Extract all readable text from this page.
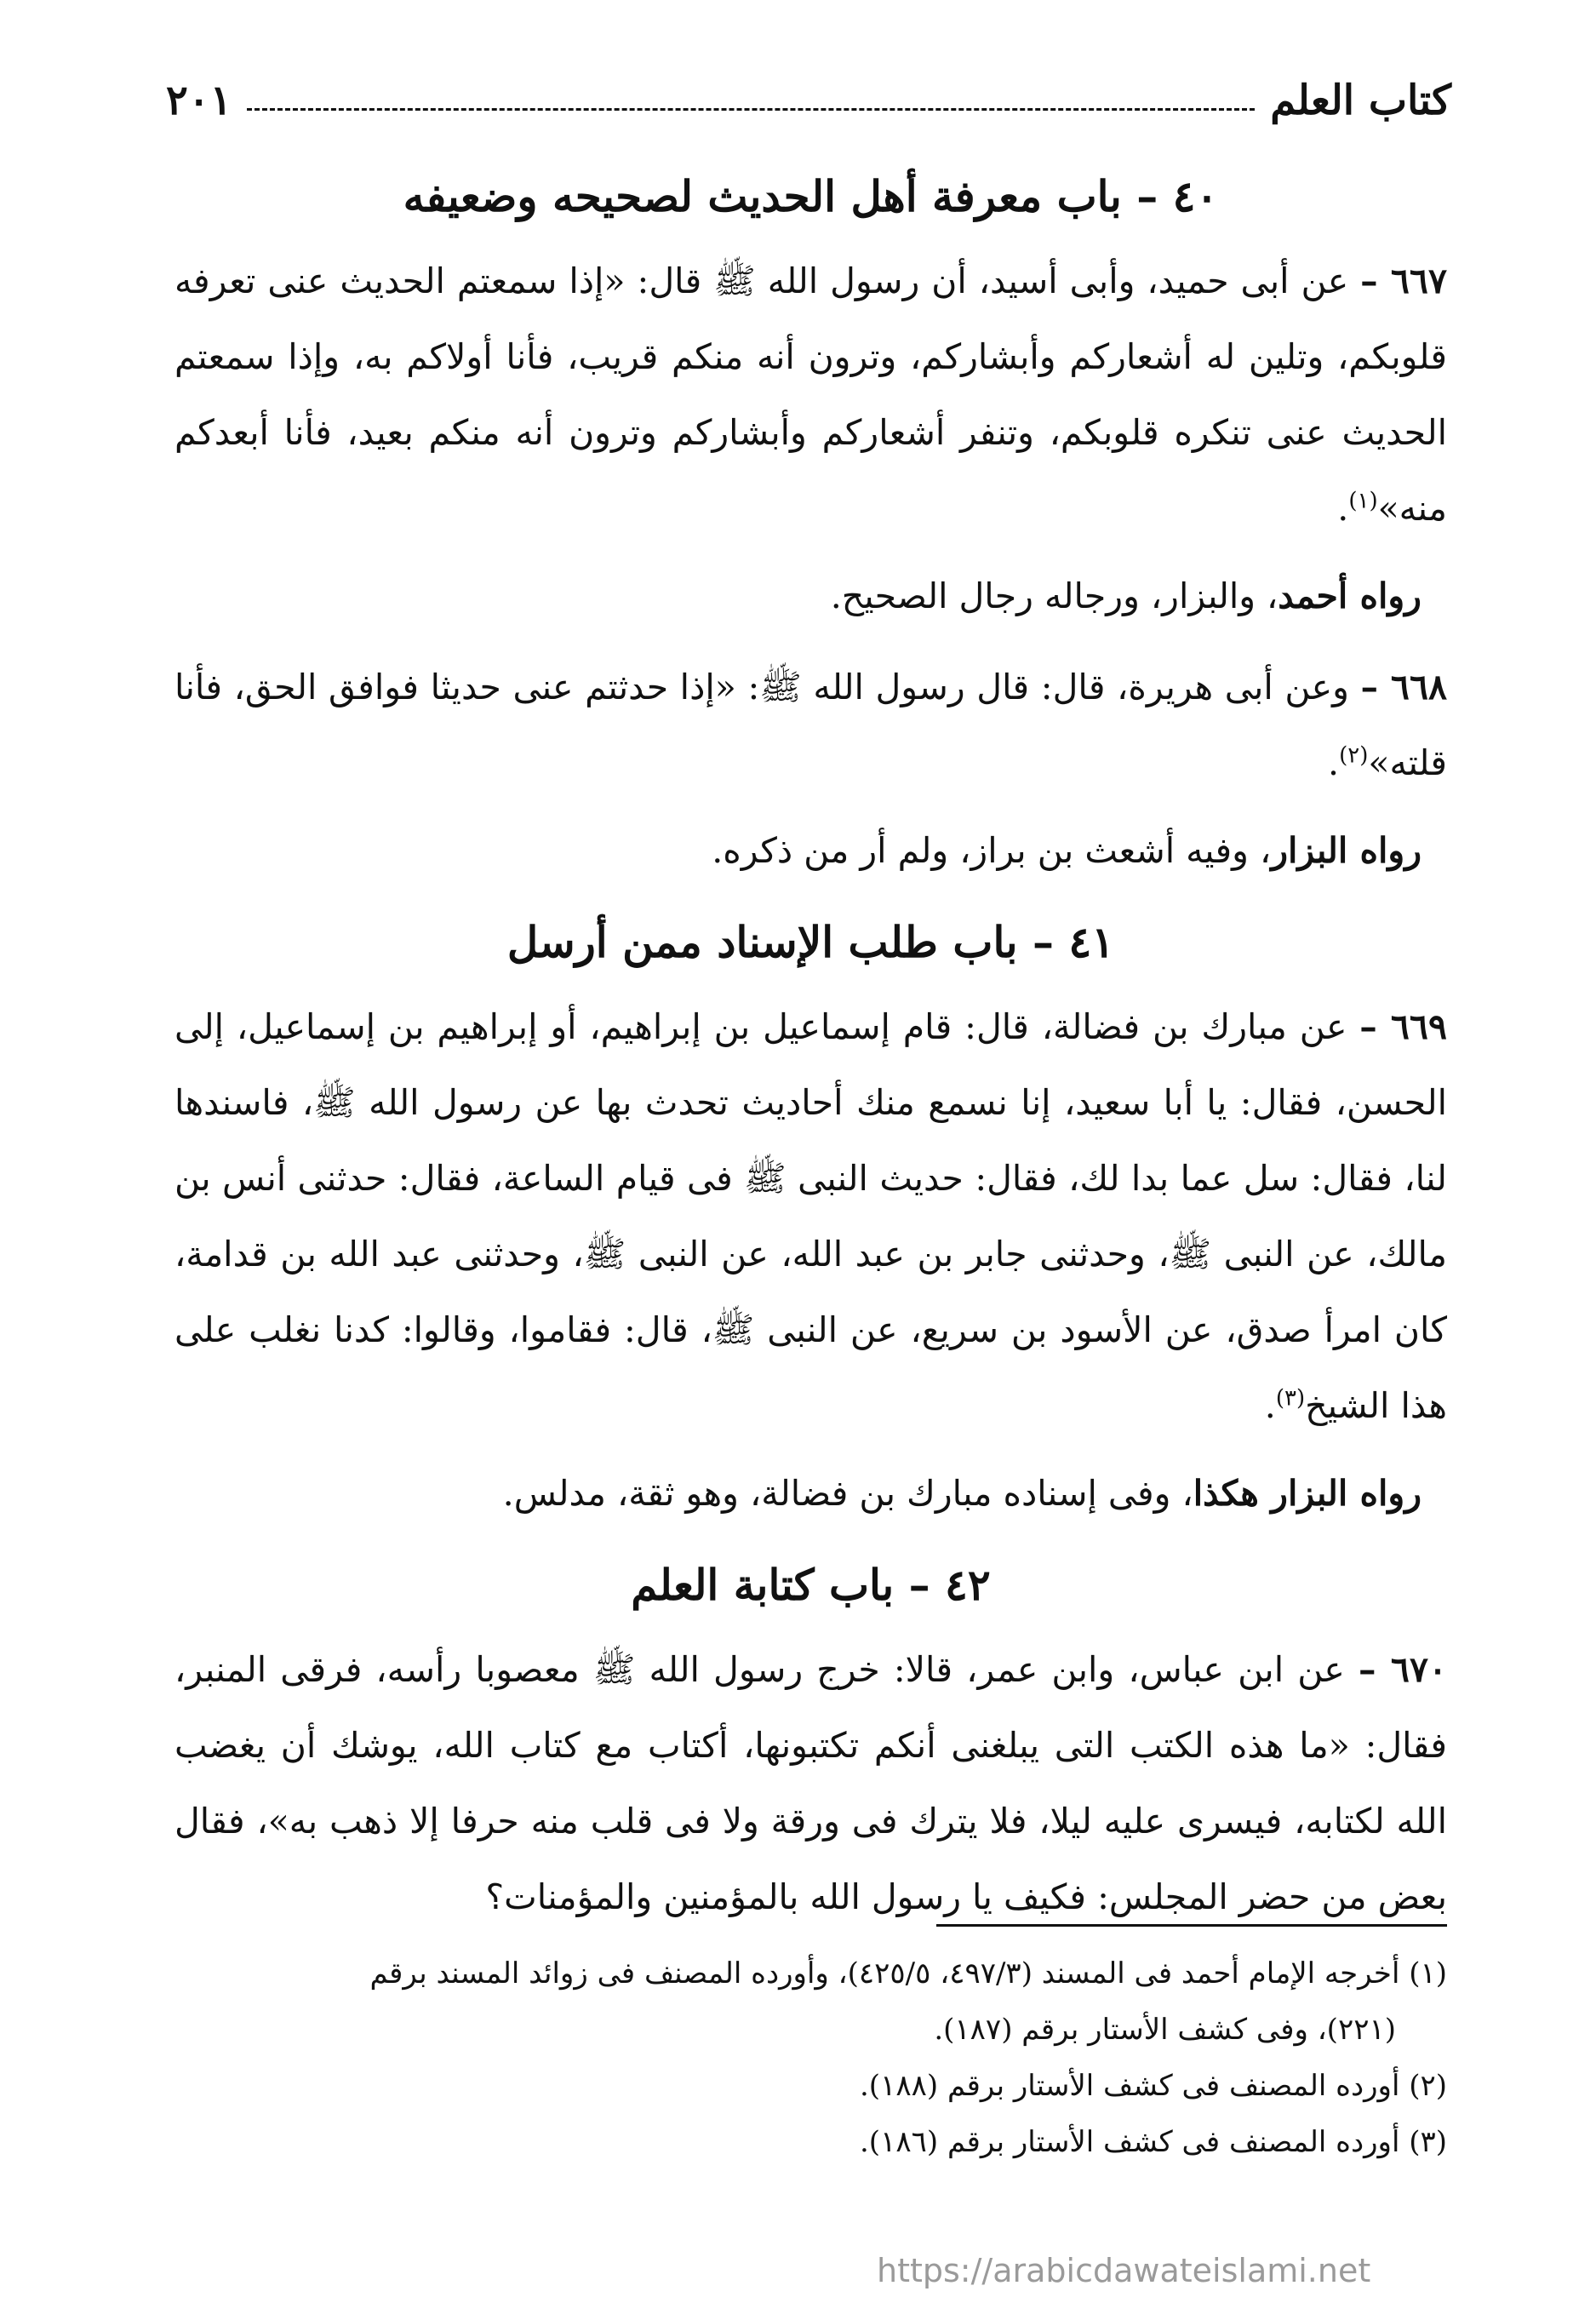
كتاب العلم
٢٠١
٤٠ – باب معرفة أهل الحديث لصحيحه وضعيفه

٦٦٧ – عن أبى حميد، وأبى أسيد، أن رسول الله ﷺ قال: «إذا سمعتم الحديث عنى تعرفه قلوبكم، وتلين له أشعاركم وأبشاركم، وترون أنه منكم قريب، فأنا أولاكم به، وإذا سمعتم الحديث عنى تنكره قلوبكم، وتنفر أشعاركم وأبشاركم وترون أنه منكم بعيد، فأنا أبعدكم منه»$^{(١)}$.

رواه أحمد، والبزار، ورجاله رجال الصحيح.

٦٦٨ – وعن أبى هريرة، قال: قال رسول الله ﷺ: «إذا حدثتم عنى حديثا فوافق الحق، فأنا قلته»$^{(٢)}$.

رواه البزار، وفيه أشعث بن براز، ولم أر من ذكره.

٤١ – باب طلب الإسناد ممن أرسل

٦٦٩ – عن مبارك بن فضالة، قال: قام إسماعيل بن إبراهيم، أو إبراهيم بن إسماعيل، إلى الحسن، فقال: يا أبا سعيد، إنا نسمع منك أحاديث تحدث بها عن رسول الله ﷺ، فاسندها لنا، فقال: سل عما بدا لك، فقال: حديث النبى ﷺ فى قيام الساعة، فقال: حدثنى أنس بن مالك، عن النبى ﷺ، وحدثنى جابر بن عبد الله، عن النبى ﷺ، وحدثنى عبد الله بن قدامة، كان امرأ صدق، عن الأسود بن سريع، عن النبى ﷺ، قال: فقاموا، وقالوا: كدنا نغلب على هذا الشيخ$^{(٣)}$.

رواه البزار هكذا، وفى إسناده مبارك بن فضالة، وهو ثقة، مدلس.

٤٢ – باب كتابة العلم

٦٧٠ – عن ابن عباس، وابن عمر، قالا: خرج رسول الله ﷺ معصوبا رأسه، فرقى المنبر، فقال: «ما هذه الكتب التى يبلغنى أنكم تكتبونها، أكتاب مع كتاب الله، يوشك أن يغضب الله لكتابه، فيسرى عليه ليلا، فلا يترك فى ورقة ولا فى قلب منه حرفا إلا ذهب به»، فقال بعض من حضر المجلس: فكيف يا رسول الله بالمؤمنين والمؤمنات؟

(١) أخرجه الإمام أحمد فى المسند (٤٩٧/٣، ٤٢٥/٥)، وأورده المصنف فى زوائد المسند برقم

(٢٢١)، وفى كشف الأستار برقم (١٨٧).

(٢) أورده المصنف فى كشف الأستار برقم (١٨٨).

(٣) أورده المصنف فى كشف الأستار برقم (١٨٦).

https://arabicdawateislami.net
